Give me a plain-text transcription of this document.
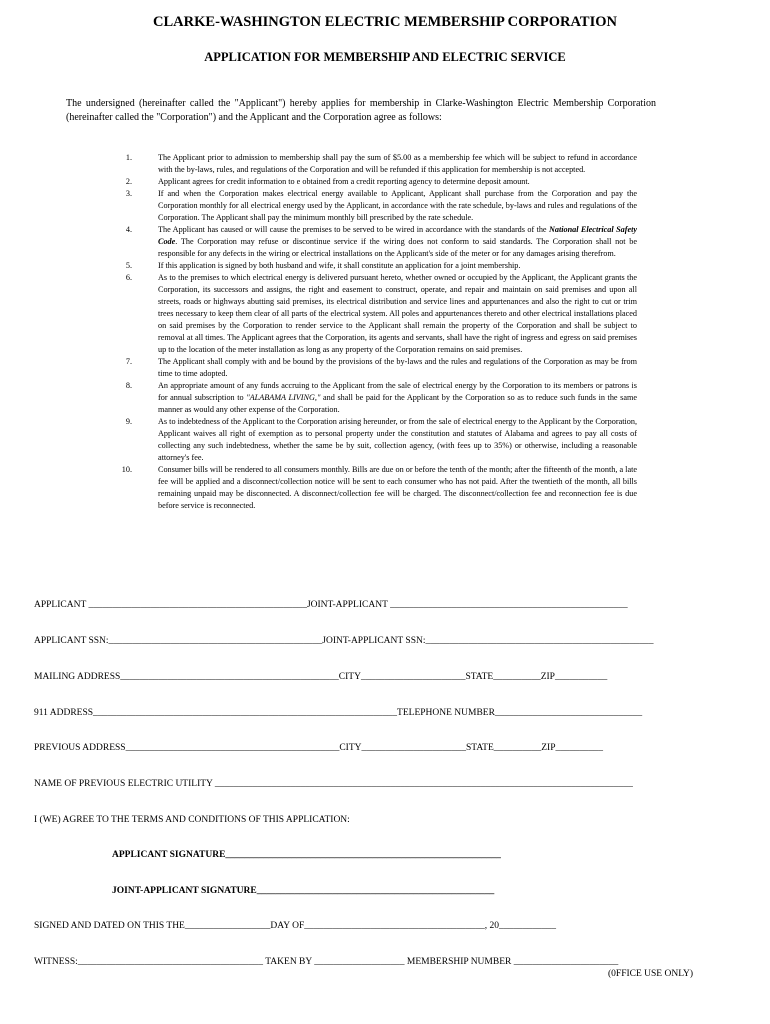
CLARKE-WASHINGTON ELECTRIC MEMBERSHIP CORPORATION
APPLICATION FOR MEMBERSHIP AND ELECTRIC SERVICE
The undersigned (hereinafter called the "Applicant") hereby applies for membership in Clarke-Washington Electric Membership Corporation (hereinafter called the "Corporation") and the Applicant and the Corporation agree as follows:
1.	The Applicant prior to admission to membership shall pay the sum of $5.00 as a membership fee which will be subject to refund in accordance with the by-laws, rules, and regulations of the Corporation and will be refunded if this application for membership is not accepted.
2.	Applicant agrees for credit information to e obtained from a credit reporting agency to determine deposit amount.
3.	If and when the Corporation makes electrical energy available to Applicant, Applicant shall purchase from the Corporation and pay the Corporation monthly for all electrical energy used by the Applicant, in accordance with the rate schedule, by-laws and rules and regulations of the Corporation. The Applicant shall pay the minimum monthly bill prescribed by the rate schedule.
4.	The Applicant has caused or will cause the premises to be served to be wired in accordance with the standards of the National Electrical Safety Code. The Corporation may refuse or discontinue service if the wiring does not conform to said standards. The Corporation shall not be responsible for any defects in the wiring or electrical installations on the Applicant's side of the meter or for any damages arising therefrom.
5.	If this application is signed by both husband and wife, it shall constitute an application for a joint membership.
6.	As to the premises to which electrical energy is delivered pursuant hereto, whether owned or occupied by the Applicant, the Applicant grants the Corporation, its successors and assigns, the right and easement to construct, operate, and repair and maintain on said premises and upon all streets, roads or highways abutting said premises, its electrical distribution and service lines and appurtenances and also the right to cut or trim trees necessary to keep them clear of all parts of the electrical system. All poles and appurtenances thereto and other electrical installations placed on said premises by the Corporation to render service to the Applicant shall remain the property of the Corporation and shall be subject to removal at all times. The Applicant agrees that the Corporation, its agents and servants, shall have the right of ingress and egress on said premises up to the location of the meter installation as long as any property of the Corporation remains on said premises.
7.	The Applicant shall comply with and be bound by the provisions of the by-laws and the rules and regulations of the Corporation as may be from time to time adopted.
8.	An appropriate amount of any funds accruing to the Applicant from the sale of electrical energy by the Corporation to its members or patrons is for annual subscription to "ALABAMA LIVING," and shall be paid for the Applicant by the Corporation so as to reduce such funds in the same manner as would any other expense of the Corporation.
9.	As to indebtedness of the Applicant to the Corporation arising hereunder, or from the sale of electrical energy to the Applicant by the Corporation, Applicant waives all right of exemption as to personal property under the constitution and statutes of Alabama and agrees to pay all costs of collecting any such indebtedness, whether the same be by suit, collection agency, (with fees up to 35%) or otherwise, including a reasonable attorney's fee.
10.	Consumer bills will be rendered to all consumers monthly. Bills are due on or before the tenth of the month; after the fifteenth of the month, a late fee will be applied and a disconnect/collection notice will be sent to each consumer who has not paid. After the twentieth of the month, all bills remaining unpaid may be disconnected. A disconnect/collection fee will be charged. The disconnect/collection fee and reconnection fee is due before service is reconnected.
APPLICANT ______________________________________________JOINT-APPLICANT __________________________________________________
APPLICANT SSN:_____________________________________________JOINT-APPLICANT SSN:________________________________________________
MAILING ADDRESS______________________________________________CITY______________________STATE__________ZIP___________
911 ADDRESS________________________________________________________________TELEPHONE NUMBER_______________________________
PREVIOUS ADDRESS_____________________________________________CITY______________________STATE__________ZIP__________
NAME OF PREVIOUS ELECTRIC UTILITY ________________________________________________________________________________________
I (WE) AGREE TO THE TERMS AND CONDITIONS OF THIS APPLICATION:
APPLICANT SIGNATURE__________________________________________________________
JOINT-APPLICANT SIGNATURE__________________________________________________
SIGNED AND DATED ON THIS THE__________________DAY OF______________________________________, 20____________
WITNESS:_______________________________________ TAKEN BY ___________________ MEMBERSHIP NUMBER ______________________
(0FFICE USE ONLY)
